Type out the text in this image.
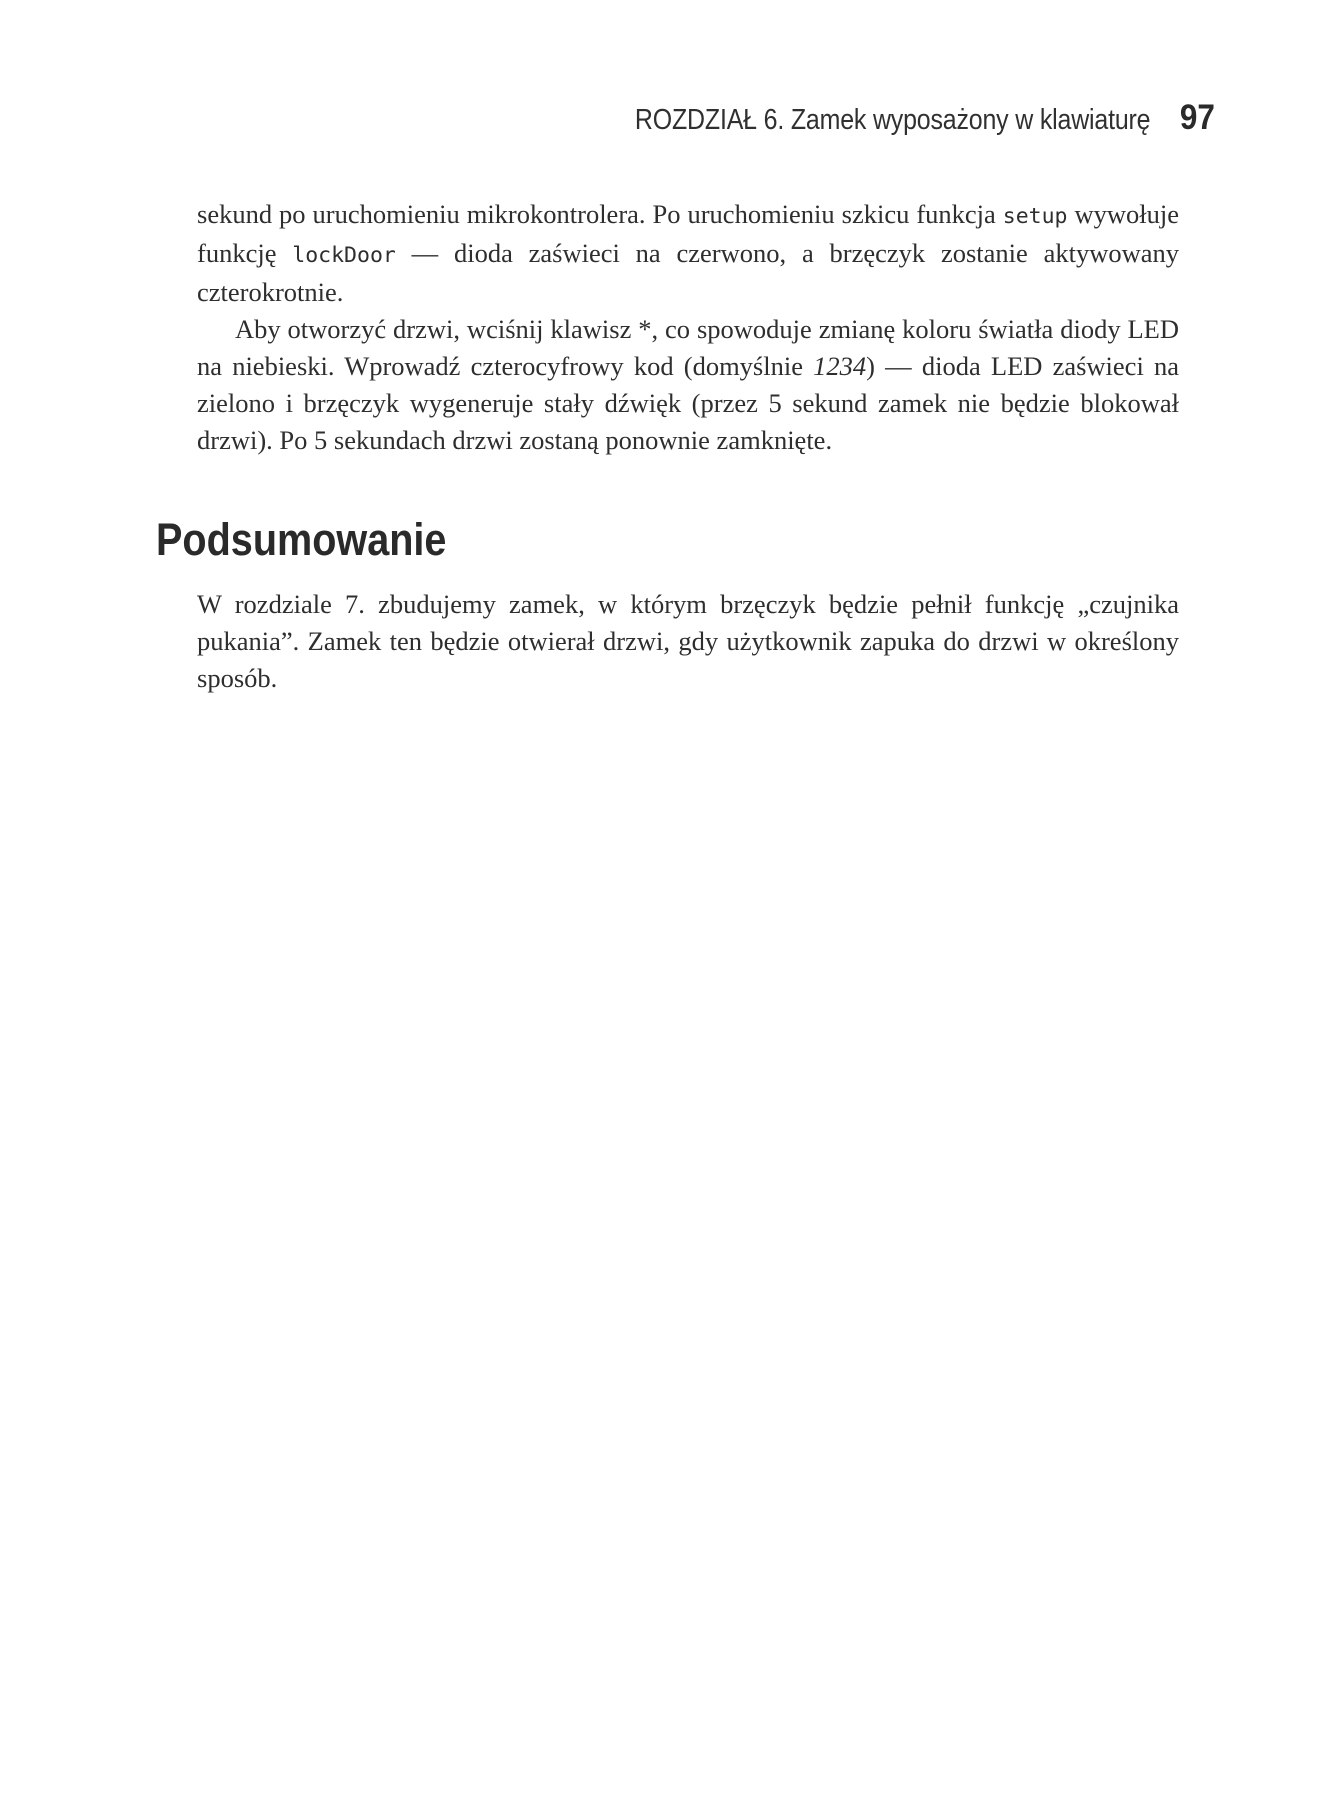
ROZDZIAŁ 6. Zamek wyposażony w klawiaturę 97

sekund po uruchomieniu mikrokontrolera. Po uruchomieniu szkicu funkcja setup wywołuje funkcję lockDoor — dioda zaświeci na czerwono, a brzęczyk zostanie aktywowany czterokrotnie.

Aby otworzyć drzwi, wciśnij klawisz *, co spowoduje zmianę koloru światła diody LED na niebieski. Wprowadź czterocyfrowy kod (domyślnie 1234) — dioda LED zaświeci na zielono i brzęczyk wygeneruje stały dźwięk (przez 5 sekund zamek nie będzie blokował drzwi). Po 5 sekundach drzwi zostaną ponownie zamknięte.

Podsumowanie

W rozdziale 7. zbudujemy zamek, w którym brzęczyk będzie pełnił funkcję „czujnika pukania”. Zamek ten będzie otwierał drzwi, gdy użytkownik zapuka do drzwi w określony sposób.
